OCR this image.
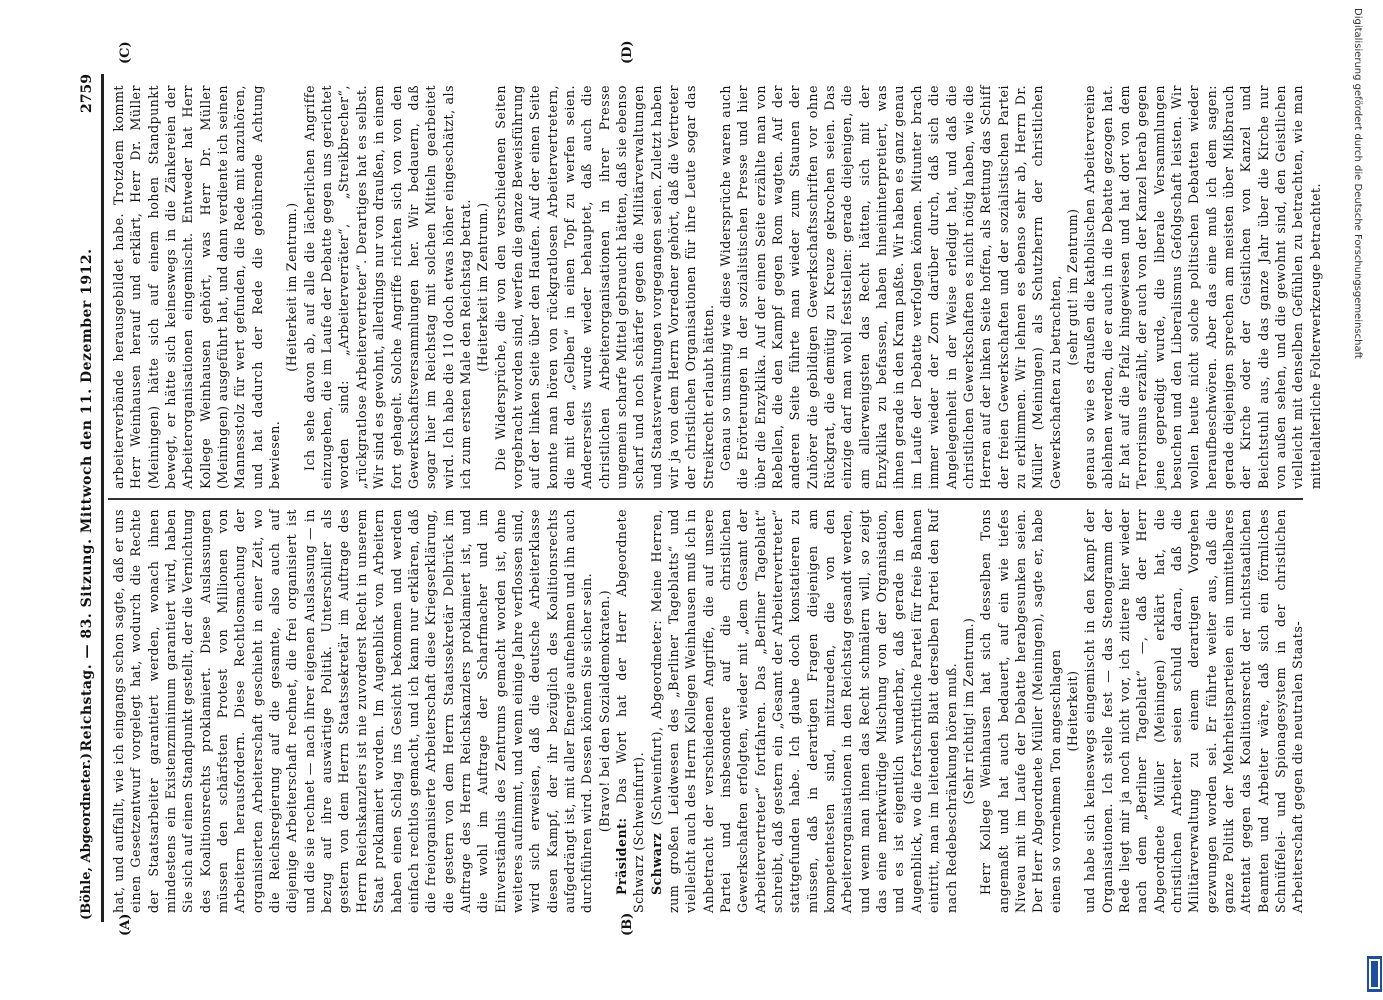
(Böhle, Abgeordneter.)
Reichstag. — 83. Sitzung. Mittwoch den 11. Dezember 1912.
2759
(A)	(B)
(C)	(D)

hat, und auffallt, wie ich eingangs schon sagte, daß er uns einen Gesetzentwurf vorgelegt hat, wodurch die Rechte der Staatsarbeiter garantiert werden, wonach ihnen mindestens ein Existenzminimum garantiert wird, haben Sie sich auf einen Standpunkt gestellt, der die Vernichtung des Koalitionsrechts proklamiert. Diese Auslassungen müssen den schärfsten Protest von Millionen von Arbeitern herausfordern. Diese Rechtlosmachung der organisierten Arbeiterschaft geschieht in einer Zeit, wo die Reichsregierung auf die gesamte, also auch auf diejenige Arbeiterschaft rechnet, die frei organisiert ist und die sie rechnet — nach ihrer eigenen Auslassung — in bezug auf ihre auswärtige Politik. Unterschiller als gestern von dem Herrn Staatssekretär im Auftrage des Herrn Reichskanzlers ist nie zuvorderst Recht in unserem Staat proklamiert worden. Im Augenblick von Arbeitern haben einen Schlag ins Gesicht bekommen und werden einfach rechtlos gemacht, und ich kann nur erklären, daß die freiorganisierte Arbeiterschaft diese Kriegserklärung, die gestern von dem Herrn Staatssekretär Delbrück im Auftrage des Herrn Reichskanzlers proklamiert ist, und die wohl im Auftrage der Scharfmacher und im Einverständnis des Zentrums gemacht worden ist, ohne weiteres aufnimmt, und wenn einige Jahre verflossen sind, wird sich erweisen, daß die deutsche Arbeiterklasse diesen Kampf, der ihr bezüglich des Koalitionsrechts aufgedrängt ist, mit aller Energie aufnehmen und ihn auch durchführen wird. Dessen können Sie sicher sein. (Bravo! bei den Sozialdemokraten.)

Präsident: Das Wort hat der Herr Abgeordnete Schwarz (Schweinfurt). Schwarz (Schweinfurt), Abgeordneter: Meine Herren, zum großen Leidwesen des „Berliner Tageblatts“ und vielleicht auch des Herrn Kollegen Weinhausen muß ich in Anbetracht der verschiedenen Angriffe, die auf unsere Partei und insbesondere auf die christlichen Gewerkschaften erfolgten, wieder mit „dem Gesamt der Arbeitervertreter“ fortfahren. Das „Berliner Tageblatt“ schreibt, daß gestern ein „Gesamt der Arbeitervertreter“ stattgefunden habe. Ich glaube doch konstatieren zu müssen, daß in derartigen Fragen diejenigen am kompetentesten sind, mitzureden, die von den Arbeiterorganisationen in den Reichstag gesandt werden, und wenn man ihnen das Recht schmälern will, so zeigt das eine merkwürdige Mischung von der Organisation, und es ist eigentlich wunderbar, daß gerade in dem Augenblick, wo die fortschrittliche Partei für freie Bahnen eintritt, man im leitenden Blatt derselben Partei den Ruf nach Redebeschränkung hören muß. (Sehr richtig! im Zentrum.) Herr Kollege Weinhausen hat sich desselben Tons angemaßt und hat auch bedauert, auf ein wie tiefes Niveau mit im Laufe der Debatte herabgesunken seien. Der Herr Abgeordnete Müller (Meiningen), sagte er, habe einen so vornehmen Ton angeschlagen (Heiterkeit) und habe sich keineswegs eingemischt in den Kampf der Organisationen. Ich stelle fest — das Stenogramm der Rede liegt mir ja noch nicht vor, ich zitiere hier wieder nach dem „Berliner Tageblatt“ —, daß der Herr Abgeordnete Müller (Meiningen) erklärt hat, die christlichen Arbeiter seien schuld daran, daß die Militärverwaltung zu einem derartigen Vorgehen gezwungen worden sei. Er führte weiter aus, daß die ganze Politik der Mehrheitsparteien ein unmittelbares Attentat gegen das Koalitionsrecht der nichtstaatlichen Beamten und Arbeiter wäre, daß sich ein förmliches Schnüffelei- und Spionagesystem in der christlichen Arbeiterschaft gegen die neutralen Staats-

arbeiterverbände herausgebildet habe. Trotzdem kommt Herr Weinhausen herauf und erklärt, Herr Dr. Müller (Meiningen) hätte sich auf einem hohen Standpunkt bewegt, er hätte sich keineswegs in die Zänkereien der Arbeiterorganisationen eingemischt. Entweder hat Herr Kollege Weinhausen gehört, was Herr Dr. Müller (Meiningen) ausgeführt hat, und dann verdiente ich seinen Mannesstolz für wert gefunden, die Rede mit anzuhören, und hat dadurch der Rede die gebührende Achtung bewiesen.

(Heiterkeit im Zentrum.) Ich sehe davon ab, auf alle die lächerlichen Angriffe einzugehen, die im Laufe der Debatte gegen uns gerichtet worden sind: „Arbeiterverräter“, „Streikbrecher“, „rückgratlose Arbeitervertreter“. Derartiges hat es selbst. Wir sind es gewohnt, allerdings nur von draußen, in einem fort gehagelt. Solche Angriffe richten sich von von den Gewerkschaftsversammlungen her. Wir bedauern, daß sogar hier im Reichstag mit solchen Mitteln gearbeitet wird. Ich habe die 110 doch etwas höher eingeschätzt, als ich zum ersten Male den Reichstag betrat. (Heiterkeit im Zentrum.) Die Widersprüche, die von den verschiedenen Seiten vorgebracht worden sind, werfen die ganze Beweisführung auf der linken Seite über den Haufen. Auf der einen Seite konnte man hören von rückgratlosen Arbeitervertretern, die mit den „Gelben“ in einen Topf zu werfen seien. Andererseits wurde wieder behauptet, daß auch die christlichen Arbeiterorganisationen in ihrer Presse ungemein scharfe Mittel gebraucht hätten, daß sie ebenso scharf und noch schärfer gegen die Militärverwaltungen und Staatsverwaltungen vorgegangen seien. Zuletzt haben wir ja von dem Herrn Vorredner gehört, daß die Vertreter der christlichen Organisationen für ihre Leute sogar das Streikrecht erlaubt hätten. Genau so unsinnig wie diese Widersprüche waren auch die Erörterungen in der sozialistischen Presse und hier über die Enzyklika. Auf der einen Seite erzählte man von Rebellen, die den Kampf gegen Rom wagten. Auf der anderen Seite führte man wieder zum Staunen der Zuhörer die gebildigen Gewerkschaftsschriften vor ohne Rückgrat, die demütig zu Kreuze gekrochen seien. Das einzige darf man wohl feststellen: gerade diejenigen, die am allerwenigsten das Recht hätten, sich mit der Enzyklika zu befassen, haben hineininterpretiert, was ihnen gerade in den Kram paßte. Wir haben es ganz genau im Laufe der Debatte verfolgen können. Mitunter brach immer wieder der Zorn darüber durch, daß sich die Angelegenheit in der Weise erledigt hat, und daß die christlichen Gewerkschaften es nicht nötig haben, wie die Herren auf der linken Seite hoffen, als Rettung das Schiff der freien Gewerkschaften und der sozialistischen Partei zu erklimmen. Wir lehnen es ebenso sehr ab, Herrn Dr. Müller (Meiningen) als Schutzherrn der christlichen Gewerkschaften zu betrachten, (sehr gut! im Zentrum) genau so wie es draußen die katholischen Arbeitervereine ablehnen werden, die er auch in die Debatte gezogen hat. Er hat auf die Pfalz hingewiesen und hat dort von dem Terrorismus erzählt, der auch von der Kanzel herab gegen jene gepredigt wurde, die liberale Versammlungen besuchen und den Liberalismus Gefolgschaft leisten. Wir wollen heute nicht solche politischen Debatten wieder heraufbeschwören. Aber das eine muß ich dem sagen: gerade diejenigen sprechen am meisten über Mißbrauch der Kirche oder der Geistlichen von Kanzel und Beichtstuhl aus, die das ganze Jahr über die Kirche nur von außen sehen, und die gewohnt sind, den Geistlichen vielleicht mit denselben Gefühlen zu betrachten, wie man mittelalterliche Folterwerkzeuge betrachtet.	Digitalisierung gefördert durch die Deutsche Forschungsgemeinschaft
